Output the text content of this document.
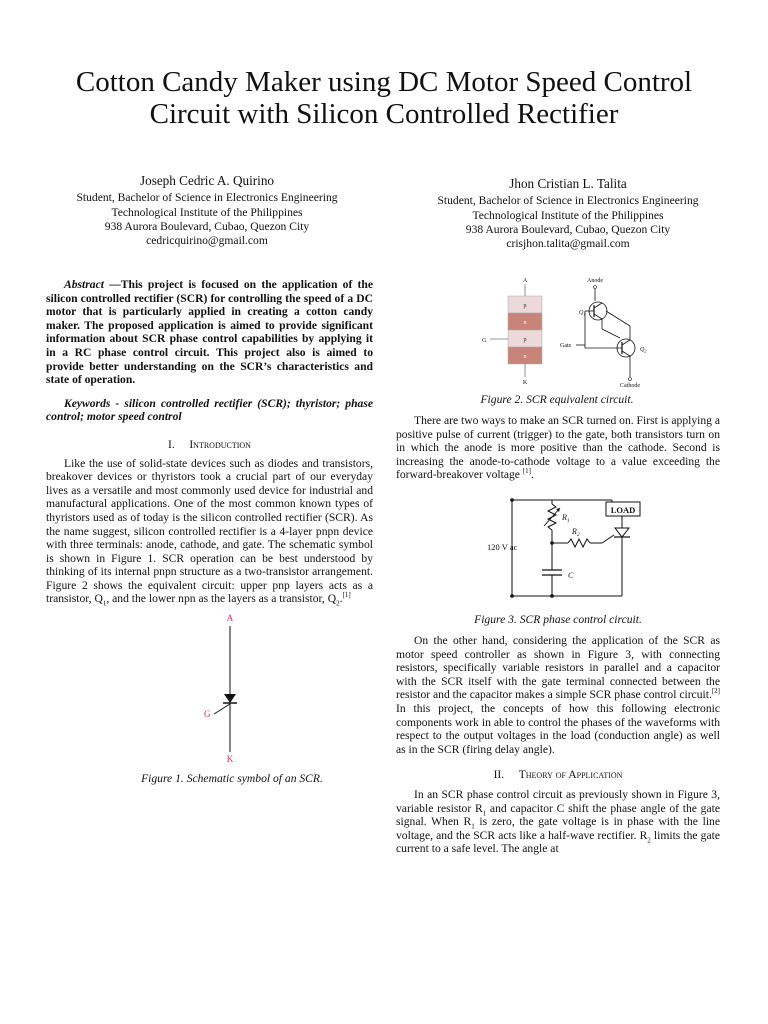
Cotton Candy Maker using DC Motor Speed Control
Circuit with Silicon Controlled Rectifier
Joseph Cedric A. Quirino
Student, Bachelor of Science in Electronics Engineering
Technological Institute of the Philippines
938 Aurora Boulevard, Cubao, Quezon City
cedricquirino@gmail.com
Jhon Cristian L. Talita
Student, Bachelor of Science in Electronics Engineering
Technological Institute of the Philippines
938 Aurora Boulevard, Cubao, Quezon City
crisjhon.talita@gmail.com

Abstract —This project is focused on the application of the silicon controlled rectifier (SCR) for controlling the speed of a DC motor that is particularly applied in creating a cotton candy maker. The proposed application is aimed to provide significant information about SCR phase control capabilities by applying it in a RC phase control circuit. This project also is aimed to provide better understanding on the SCR’s characteristics and state of operation.

Keywords - silicon controlled rectifier (SCR); thyristor; phase control; motor speed control

I. Introduction

Like the use of solid-state devices such as diodes and transistors, breakover devices or thyristors took a crucial part of our everyday lives as a versatile and most commonly used device for industrial and manufactural applications. One of the most common known types of thyristors used as of today is the silicon controlled rectifier (SCR). As the name suggest, silicon controlled rectifier is a 4-layer pnpn device with three terminals: anode, cathode, and gate. The schematic symbol is shown in Figure 1. SCR operation can be best understood by thinking of its internal pnpn structure as a two-transistor arrangement. Figure 2 shows the equivalent circuit: upper pnp layers acts as a transistor, $Q_1$, and the lower npn as the layers as a transistor, $Q_2.[1]$

A
G
K
Figure 1. Schematic symbol of an SCR.
A
p
n
p
n
G
K
Anode
$Q_1$
$Q_2$
Gate
Cathode
Figure 2. SCR equivalent circuit.

There are two ways to make an SCR turned on. First is applying a positive pulse of current (trigger) to the gate, both transistors turn on in which the anode is more positive than the cathode. Second is increasing the anode-to-cathode voltage to a value exceeding the forward-breakover voltage [1].

120 V ac
$R_1$
$R_2$
C
LOAD
Figure 3. SCR phase control circuit.

On the other hand, considering the application of the SCR as motor speed controller as shown in Figure 3, with connecting resistors, specifically variable resistors in parallel and a capacitor with the SCR itself with the gate terminal connected between the resistor and the capacitor makes a simple SCR phase control circuit.[2] In this project, the concepts of how this following electronic components work in able to control the phases of the waveforms with respect to the output voltages in the load (conduction angle) as well as in the SCR (firing delay angle).

II. Theory of Application

In an SCR phase control circuit as previously shown in Figure 3, variable resistor $R_1$ and capacitor C shift the phase angle of the gate signal. When $R_1$ is zero, the gate voltage is in phase with the line voltage, and the SCR acts like a half-wave rectifier. $R_2$ limits the gate current to a safe level. The angle at
